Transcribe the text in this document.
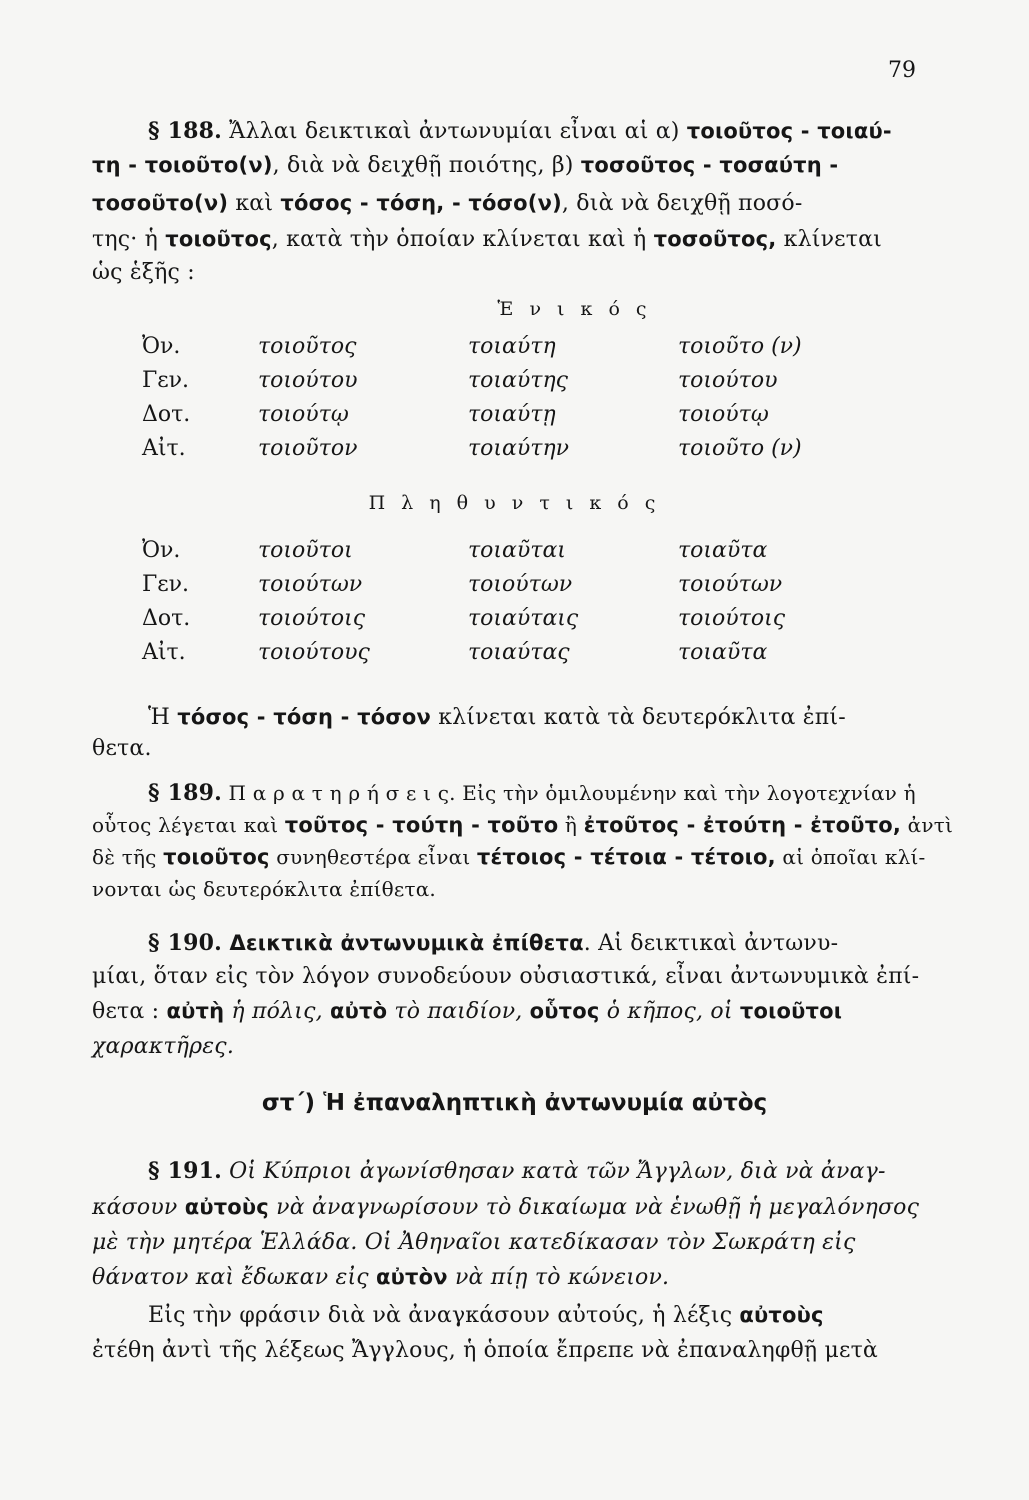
79
§ 188. Ἄλλαι δεικτικαὶ ἀντωνυμίαι εἶναι αἱ α) τοιοῦτος - τοιαύ-
τη - τοιοῦτο(ν), διὰ νὰ δειχθῇ ποιότης, β) τοσοῦτος - τοσαύτη -
τοσοῦτο(ν) καὶ τόσος - τόση, - τόσο(ν), διὰ νὰ δειχθῇ ποσό-
της· ἡ τοιοῦτος, κατὰ τὴν ὁποίαν κλίνεται καὶ ἡ τοσοῦτος, κλίνεται
ὡς ἑξῆς :
Ἑ ν ι κ ό ς
Ὀν.	τοιοῦτος	τοιαύτη	τοιοῦτο (ν)
Γεν.	τοιούτου	τοιαύτης	τοιούτου
Δοτ.	τοιούτῳ	τοιαύτῃ	τοιούτῳ
Αἰτ.	τοιοῦτον	τοιαύτην	τοιοῦτο (ν)
Π λ η θ υ ν τ ι κ ό ς
Ὀν.	τοιοῦτοι	τοιαῦται	τοιαῦτα
Γεν.	τοιούτων	τοιούτων	τοιούτων
Δοτ.	τοιούτοις	τοιαύταις	τοιούτοις
Αἰτ.	τοιούτους	τοιαύτας	τοιαῦτα
Ἡ τόσος - τόση - τόσον κλίνεται κατὰ τὰ δευτερόκλιτα ἐπί-
θετα.
§ 189. Π α ρ α τ η ρ ή σ ε ι ς. Εἰς τὴν ὁμιλουμένην καὶ τὴν λογοτεχνίαν ἡ
οὗτος λέγεται καὶ τοῦτος - τούτη - τοῦτο ἢ ἐτοῦτος - ἐτούτη - ἐτοῦτο, ἀντὶ
δὲ τῆς τοιοῦτος συνηθεστέρα εἶναι τέτοιος - τέτοια - τέτοιο, αἱ ὁποῖαι κλί-
νονται ὡς δευτερόκλιτα ἐπίθετα.
§ 190. Δεικτικὰ ἀντωνυμικὰ ἐπίθετα. Αἱ δεικτικαὶ ἀντωνυ-
μίαι, ὅταν εἰς τὸν λόγον συνοδεύουν οὐσιαστικά, εἶναι ἀντωνυμικὰ ἐπί-
θετα : αὐτὴ ἡ πόλις, αὐτὸ τὸ παιδίον, οὗτος ὁ κῆπος, οἱ τοιοῦτοι
χαρακτῆρες.
στ΄) Ἡ ἐπαναληπτικὴ ἀντωνυμία αὐτὸς
§ 191. Οἱ Κύπριοι ἀγωνίσθησαν κατὰ τῶν Ἄγγλων, διὰ νὰ ἀναγ-
κάσουν αὐτοὺς νὰ ἀναγνωρίσουν τὸ δικαίωμα νὰ ἑνωθῇ ἡ μεγαλόνησος
μὲ τὴν μητέρα Ἑλλάδα. Οἱ Ἀθηναῖοι κατεδίκασαν τὸν Σωκράτη εἰς
θάνατον καὶ ἔδωκαν εἰς αὐτὸν νὰ πίῃ τὸ κώνειον.
Εἰς τὴν φράσιν διὰ νὰ ἀναγκάσουν αὐτούς, ἡ λέξις αὐτοὺς
ἐτέθη ἀντὶ τῆς λέξεως Ἄγγλους, ἡ ὁποία ἔπρεπε νὰ ἐπαναληφθῇ μετὰ
